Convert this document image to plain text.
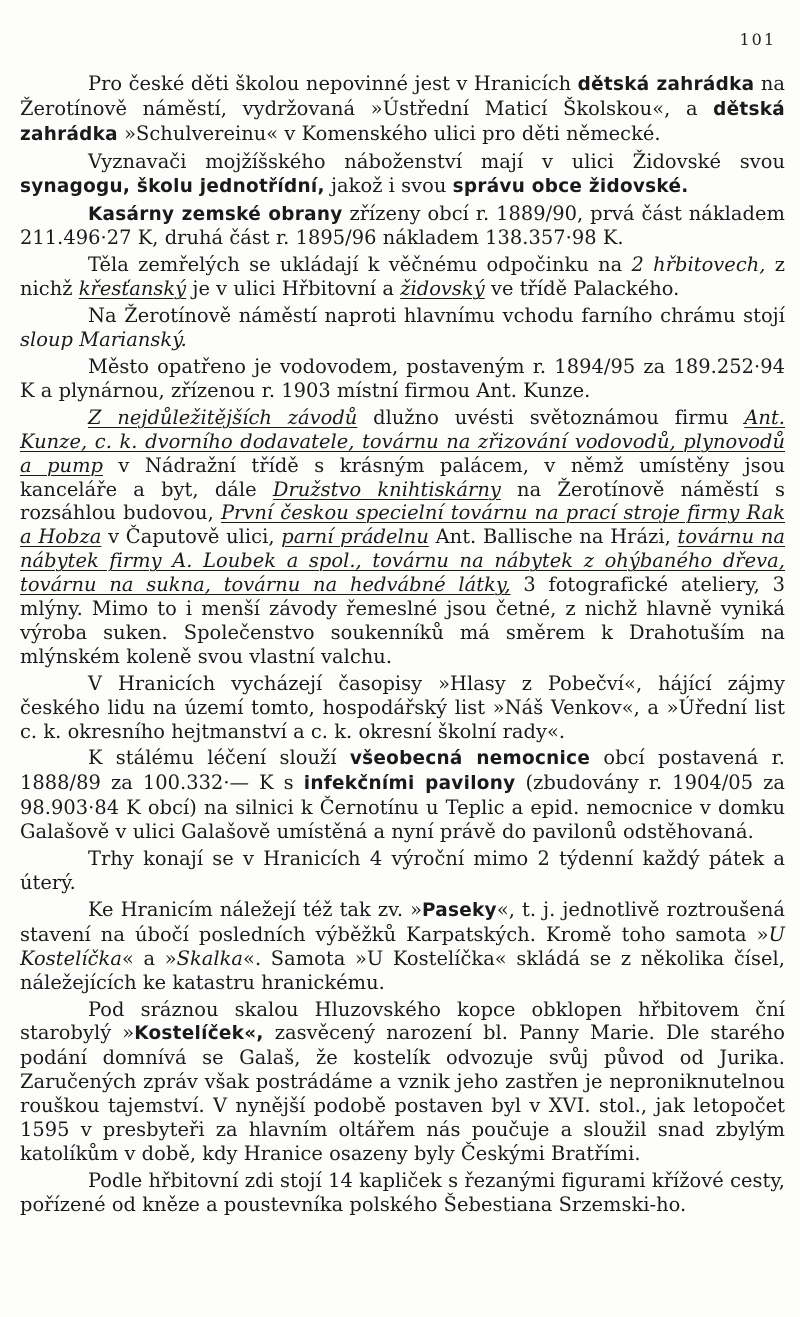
101

Pro české děti školou nepovinné jest v Hranicích dětská zahrádka na Žerotínově náměstí, vydržovaná »Ústřední Maticí Školskou«, a dětská zahrádka »Schulvereinu« v Komenského ulici pro děti německé.

Vyznavači mojžíšského náboženství mají v ulici Židovské svou synagogu, školu jednotřídní, jakož i svou správu obce židovské.

Kasárny zemské obrany zřízeny obcí r. 1889/90, prvá část nákladem 211.496·27 K, druhá část r. 1895/96 nákladem 138.357·98 K.

Těla zemřelých se ukládají k věčnému odpočinku na 2 hřbitovech, z nichž křesťanský je v ulici Hřbitovní a židovský ve třídě Palackého.

Na Žerotínově náměstí naproti hlavnímu vchodu farního chrámu stojí sloup Marianský.

Město opatřeno je vodovodem, postaveným r. 1894/95 za 189.252·94 K a plynárnou, zřízenou r. 1903 místní firmou Ant. Kunze.

Z nejdůležitějších závodů dlužno uvésti světoznámou firmu Ant. Kunze, c. k. dvorního dodavatele, továrnu na zřizování vodovodů, plynovodů a pump v Nádražní třídě s krásným palácem, v němž umístěny jsou kanceláře a byt, dále Družstvo knihtiskárny na Žerotínově náměstí s rozsáhlou budovou, První českou specielní továrnu na prací stroje firmy Rak a Hobza v Čaputově ulici, parní prádelnu Ant. Ballische na Hrázi, továrnu na nábytek firmy A. Loubek a spol., továrnu na nábytek z ohýbaného dřeva, továrnu na sukna, továrnu na hedvábné látky, 3 fotografické ateliery, 3 mlýny. Mimo to i menší závody řemeslné jsou četné, z nichž hlavně vyniká výroba suken. Společenstvo soukenníků má směrem k Drahotuším na mlýnském koleně svou vlastní valchu.

V Hranicích vycházejí časopisy »Hlasy z Pobečví«, hájící zájmy českého lidu na území tomto, hospodářský list »Náš Venkov«, a »Úřední list c. k. okresního hejtmanství a c. k. okresní školní rady«.

K stálému léčení slouží všeobecná nemocnice obcí postavená r. 1888/89 za 100.332·— K s infekčními pavilony (zbudovány r. 1904/05 za 98.903·84 K obcí) na silnici k Černotínu u Teplic a epid. nemocnice v domku Galašově v ulici Galašově umístěná a nyní právě do pavilonů odstěhovaná.

Trhy konají se v Hranicích 4 výroční mimo 2 týdenní každý pátek a úterý.

Ke Hranicím náležejí též tak zv. »Paseky«, t. j. jednotlivě roztroušená stavení na úbočí posledních výběžků Karpatských. Kromě toho samota »U Kostelíčka« a »Skalka«. Samota »U Kostelíčka« skládá se z několika čísel, náležejících ke katastru hranickému.

Pod sráznou skalou Hluzovského kopce obklopen hřbitovem ční starobylý »Kostelíček«, zasvěcený narození bl. Panny Marie. Dle starého podání domnívá se Galaš, že kostelík odvozuje svůj původ od Jurika. Zaručených zpráv však postrádáme a vznik jeho zastřen je neproniknutelnou rouškou tajemství. V nynější podobě postaven byl v XVI. stol., jak letopočet 1595 v presbyteři za hlavním oltářem nás poučuje a sloužil snad zbylým katolíkům v době, kdy Hranice osazeny byly Českými Bratřími.

Podle hřbitovní zdi stojí 14 kapliček s řezanými figurami křížové cesty, pořízené od kněze a poustevníka polského Šebestiana Srzemski-ho.
